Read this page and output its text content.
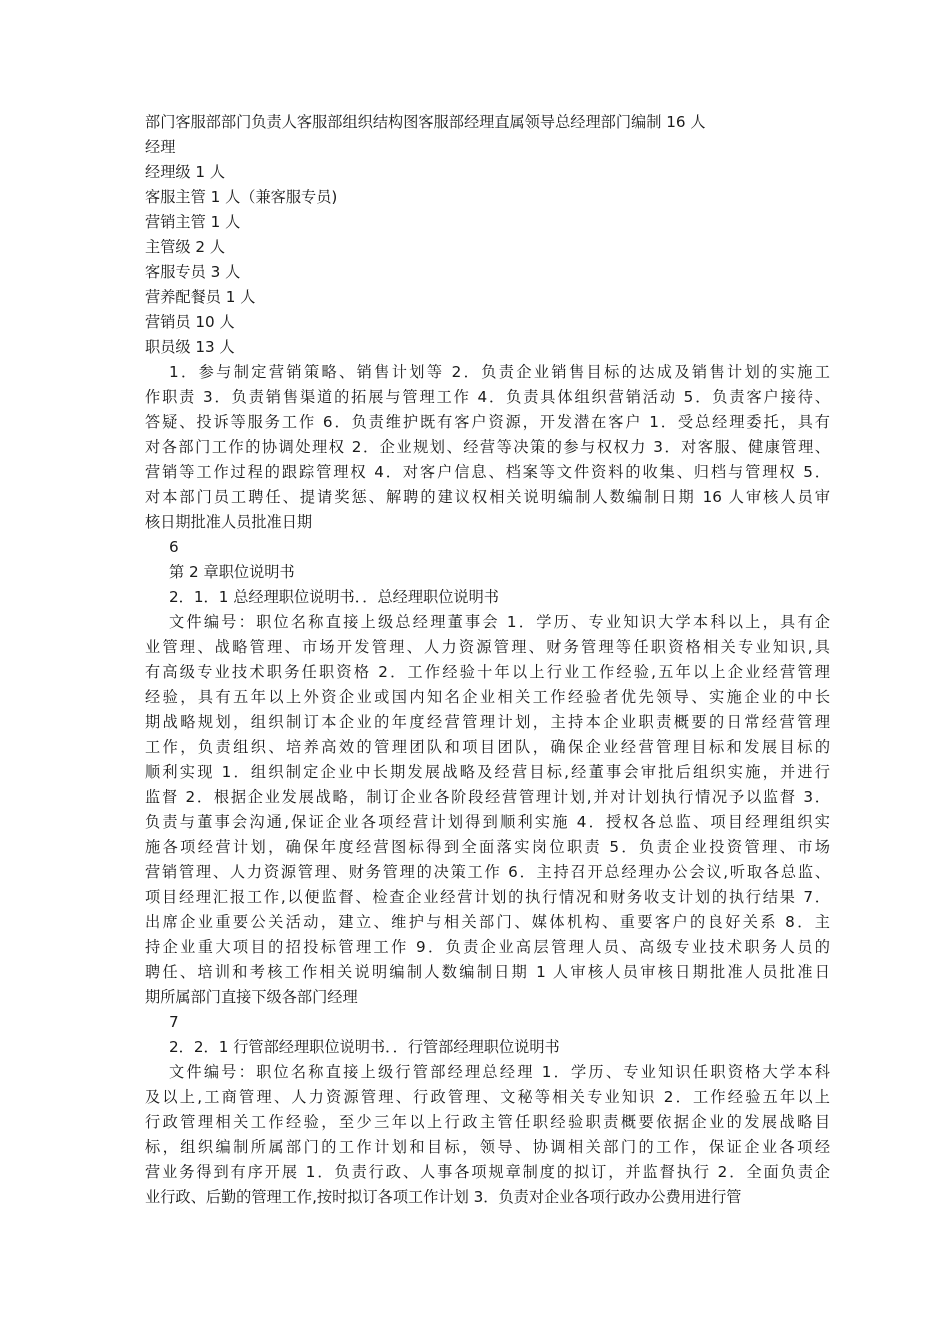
部门客服部部门负责人客服部组织结构图客服部经理直属领导总经理部门编制 16 人
经理
经理级 1 人
客服主管 1 人（兼客服专员)
营销主管 1 人
主管级 2 人
客服专员 3 人
营养配餐员 1 人
营销员 10 人
职员级 13 人
1．参与制定营销策略、销售计划等 2．负责企业销售目标的达成及销售计划的实施工
作职责 3．负责销售渠道的拓展与管理工作 4．负责具体组织营销活动 5．负责客户接待、
答疑、投诉等服务工作 6．负责维护既有客户资源，开发潜在客户 1．受总经理委托，具有
对各部门工作的协调处理权 2．企业规划、经营等决策的参与权权力 3．对客服、健康管理、
营销等工作过程的跟踪管理权 4．对客户信息、档案等文件资料的收集、归档与管理权 5．
对本部门员工聘任、提请奖惩、解聘的建议权相关说明编制人数编制日期 16 人审核人员审
核日期批准人员批准日期
6
第 2 章职位说明书
2．1．1 总经理职位说明书．．总经理职位说明书
文件编号：职位名称直接上级总经理董事会 1．学历、专业知识大学本科以上，具有企
业管理、战略管理、市场开发管理、人力资源管理、财务管理等任职资格相关专业知识,具
有高级专业技术职务任职资格 2．工作经验十年以上行业工作经验,五年以上企业经营管理
经验，具有五年以上外资企业或国内知名企业相关工作经验者优先领导、实施企业的中长
期战略规划，组织制订本企业的年度经营管理计划，主持本企业职责概要的日常经营管理
工作，负责组织、培养高效的管理团队和项目团队，确保企业经营管理目标和发展目标的
顺利实现 1．组织制定企业中长期发展战略及经营目标,经董事会审批后组织实施，并进行
监督 2．根据企业发展战略，制订企业各阶段经营管理计划,并对计划执行情况予以监督 3．
负责与董事会沟通,保证企业各项经营计划得到顺利实施 4．授权各总监、项目经理组织实
施各项经营计划，确保年度经营图标得到全面落实岗位职责 5．负责企业投资管理、市场
营销管理、人力资源管理、财务管理的决策工作 6．主持召开总经理办公会议,听取各总监、
项目经理汇报工作,以便监督、检查企业经营计划的执行情况和财务收支计划的执行结果 7．
出席企业重要公关活动，建立、维护与相关部门、媒体机构、重要客户的良好关系 8．主
持企业重大项目的招投标管理工作 9．负责企业高层管理人员、高级专业技术职务人员的
聘任、培训和考核工作相关说明编制人数编制日期 1 人审核人员审核日期批准人员批准日
期所属部门直接下级各部门经理
7
2．2．1 行管部经理职位说明书．．行管部经理职位说明书
文件编号：职位名称直接上级行管部经理总经理 1．学历、专业知识任职资格大学本科
及以上,工商管理、人力资源管理、行政管理、文秘等相关专业知识 2．工作经验五年以上
行政管理相关工作经验，至少三年以上行政主管任职经验职责概要依据企业的发展战略目
标，组织编制所属部门的工作计划和目标，领导、协调相关部门的工作，保证企业各项经
营业务得到有序开展 1．负责行政、人事各项规章制度的拟订，并监督执行 2．全面负责企
业行政、后勤的管理工作,按时拟订各项工作计划 3．负责对企业各项行政办公费用进行管
